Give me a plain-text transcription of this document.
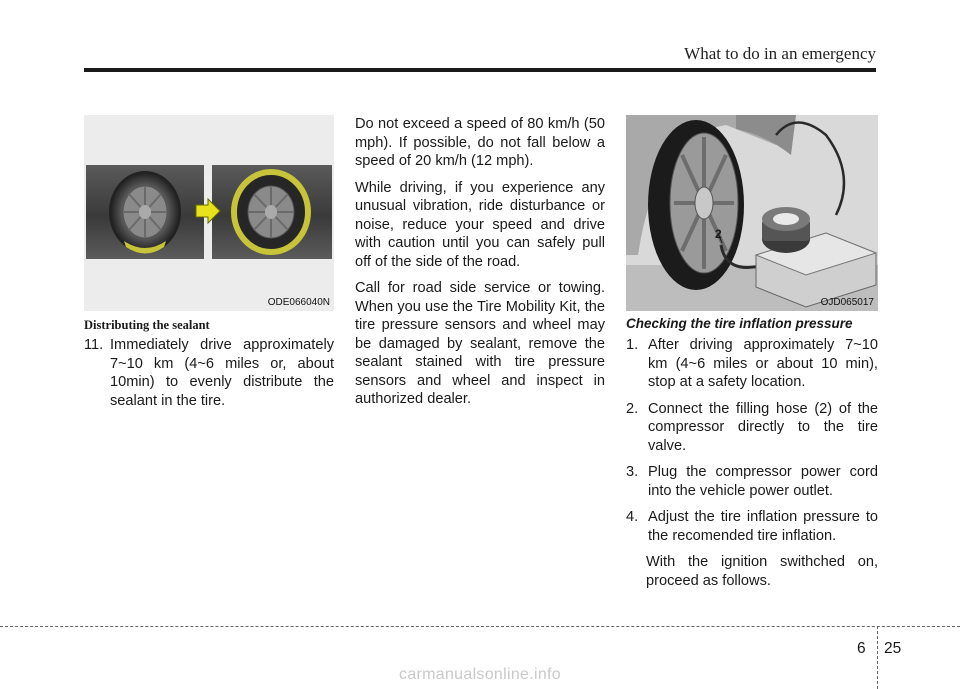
What to do in an emergency
ODE066040N
Distributing the sealant
11. Immediately drive approximately 7~10 km (4~6 miles or, about 10min) to evenly distribute the sealant in the tire.

Do not exceed a speed of 80 km/h (50 mph). If possible, do not fall below a speed of 20 km/h (12 mph).

While driving, if you experience any unusual vibration, ride disturbance or noise, reduce your speed and drive with caution until you can safely pull off of the side of the road.

Call for road side service or towing. When you use the Tire Mobility Kit, the tire pressure sensors and wheel may be damaged by sealant, remove the sealant stained with tire pressure sensors and wheel and inspect in authorized dealer.

2
OJD065017
Checking the tire inflation pressure
1. After driving approximately 7~10 km (4~6 miles or about 10 min), stop at a safety location.
2. Connect the filling hose (2) of the compressor directly to the tire valve.
3. Plug the compressor power cord into the vehicle power outlet.
4. Adjust the tire inflation pressure to the recomended tire inflation.
With the ignition swithched on, proceed as follows.
6 25
carmanualsonline.info
